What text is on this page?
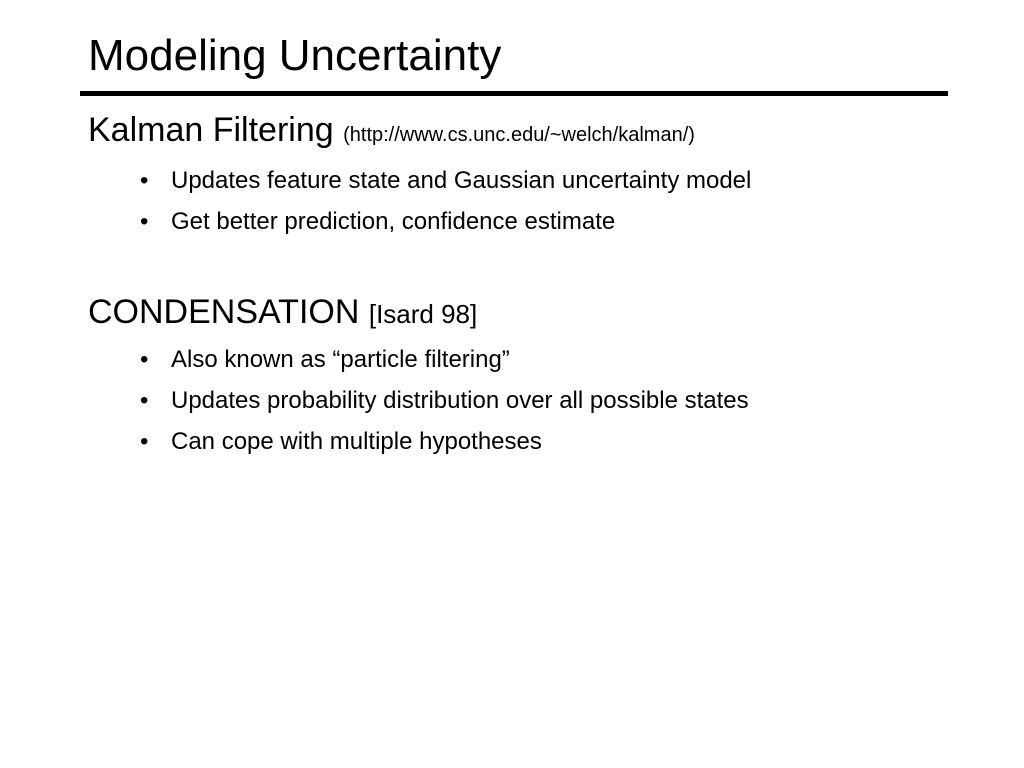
Modeling Uncertainty
Kalman Filtering (http://www.cs.unc.edu/~welch/kalman/)
• Updates feature state and Gaussian uncertainty model
• Get better prediction, confidence estimate
CONDENSATION [Isard 98]
• Also known as “particle filtering”
• Updates probability distribution over all possible states
• Can cope with multiple hypotheses
